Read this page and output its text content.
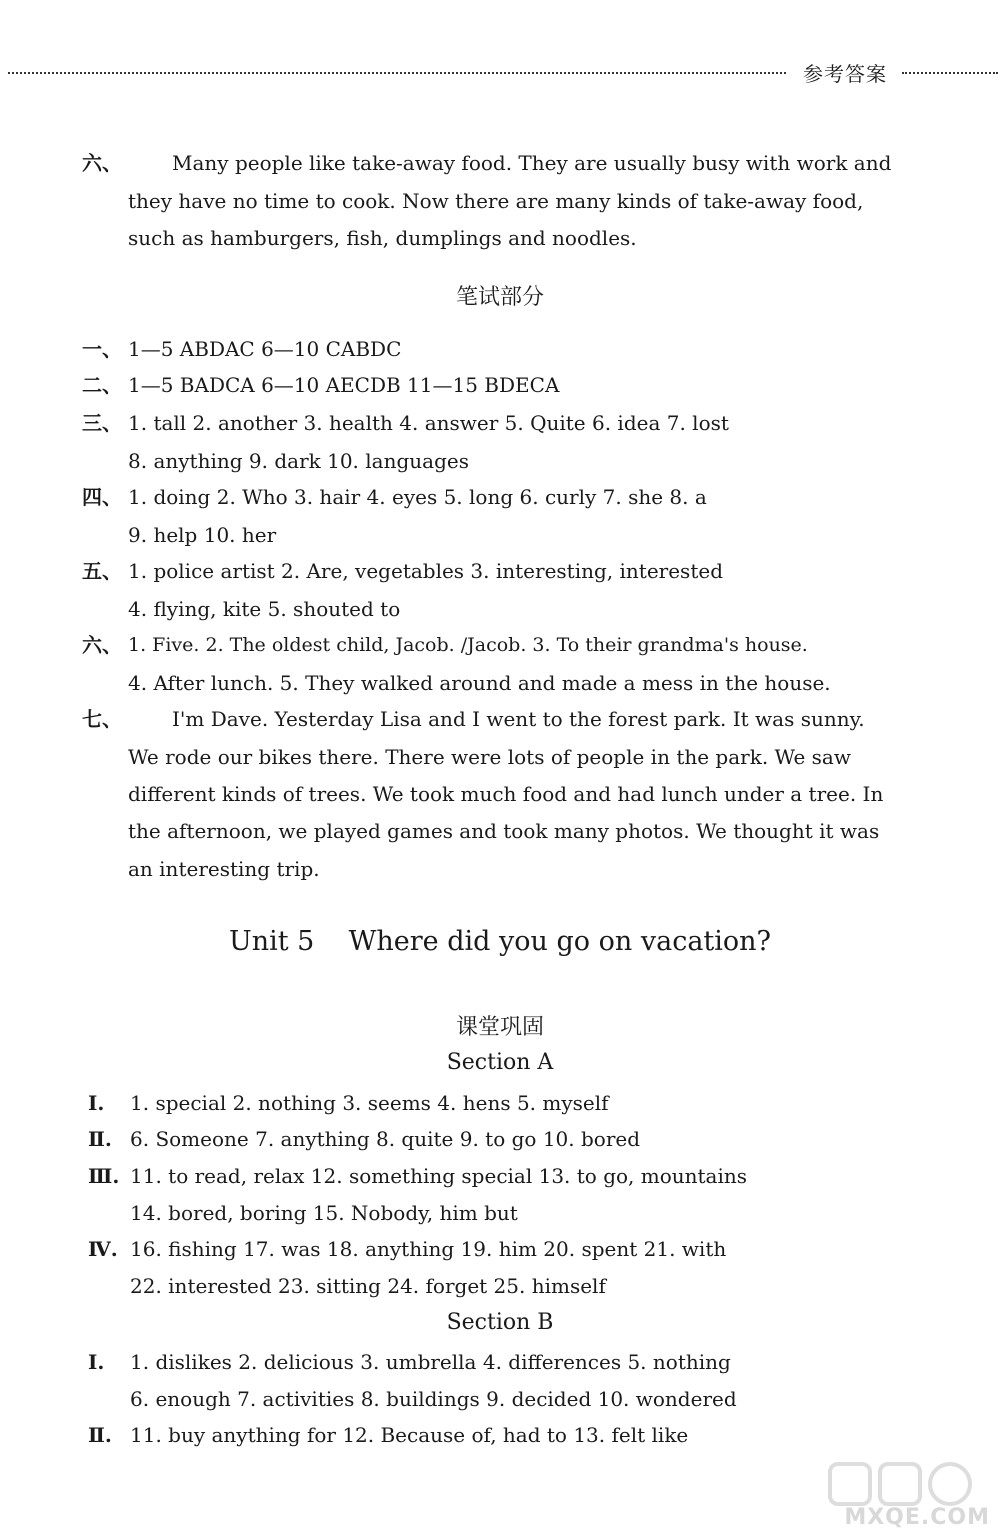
参考答案
六、	Many people like take-away food. They are usually busy with work and
they have no time to cook. Now there are many kinds of take-away food,
such as hamburgers, fish, dumplings and noodles.
笔试部分
一、 1—5 ABDAC 6—10 CABDC
二、 1—5 BADCA 6—10 AECDB 11—15 BDECA
三、 1. tall 2. another 3. health 4. answer 5. Quite 6. idea 7. lost
8. anything 9. dark 10. languages
四、 1. doing 2. Who 3. hair 4. eyes 5. long 6. curly 7. she 8. a
9. help 10. her
五、 1. police artist 2. Are, vegetables 3. interesting, interested
4. flying, kite 5. shouted to
六、 1. Five. 2. The oldest child, Jacob. /Jacob. 3. To their grandma's house.
4. After lunch. 5. They walked around and made a mess in the house.
七、	I'm Dave. Yesterday Lisa and I went to the forest park. It was sunny.
We rode our bikes there. There were lots of people in the park. We saw
different kinds of trees. We took much food and had lunch under a tree. In
the afternoon, we played games and took many photos. We thought it was
an interesting trip.
Unit 5    Where did you go on vacation?
课堂巩固
Section A
Ⅰ. 1. special 2. nothing 3. seems 4. hens 5. myself
Ⅱ. 6. Someone 7. anything 8. quite 9. to go 10. bored
Ⅲ. 11. to read, relax 12. something special 13. to go, mountains
14. bored, boring 15. Nobody, him but
Ⅳ. 16. fishing 17. was 18. anything 19. him 20. spent 21. with
22. interested 23. sitting 24. forget 25. himself
Section B
Ⅰ. 1. dislikes 2. delicious 3. umbrella 4. differences 5. nothing
6. enough 7. activities 8. buildings 9. decided 10. wondered
Ⅱ. 11. buy anything for 12. Because of, had to 13. felt like
MXQE.COM
